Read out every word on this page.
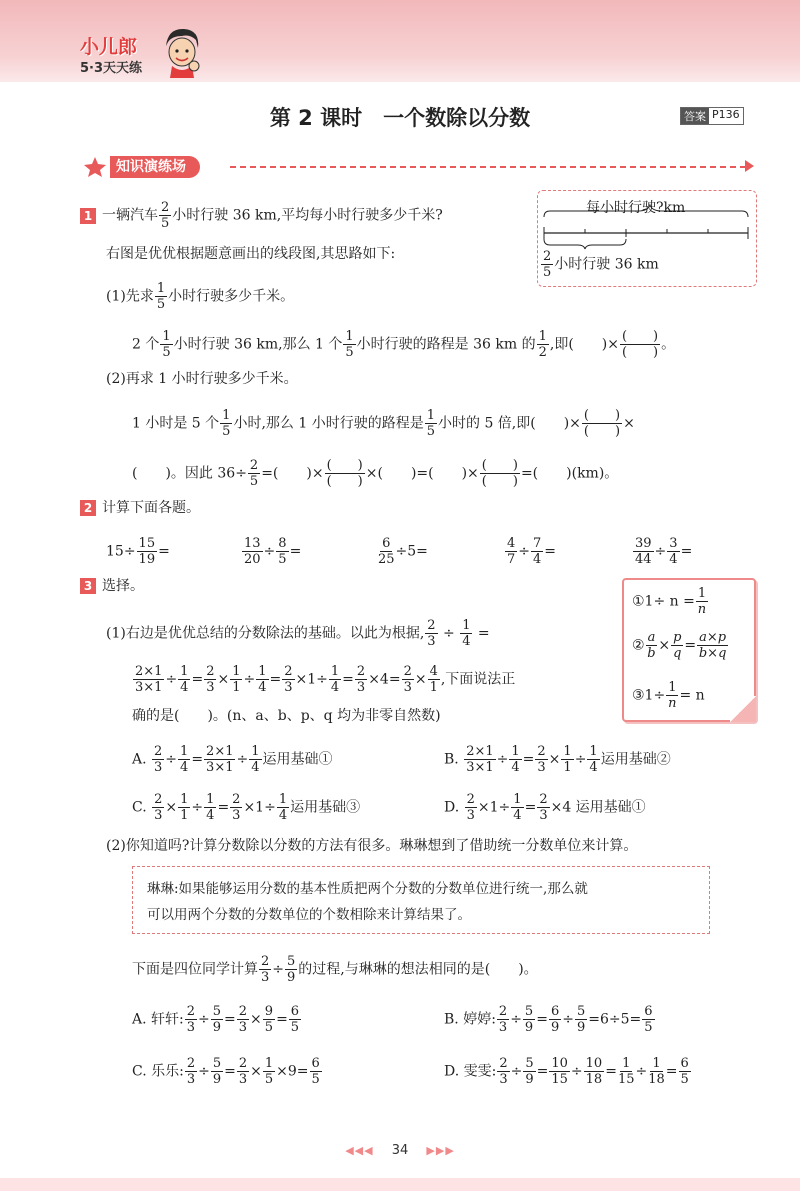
小儿郎
5·3天天练
第 2 课时　一个数除以分数	答案 P136
知识演练场
1 一辆汽车 $\frac{2}{5}$ 小时行驶 36 km,平均每小时行驶多少千米?
右图是优优根据题意画出的线段图,其思路如下:
每小时行驶?km
$\frac{2}{5}$ 小时行驶 36 km
(1)先求 $\frac{1}{5}$ 小时行驶多少千米。
2 个 $\frac{1}{5}$ 小时行驶 36 km,那么 1 个 $\frac{1}{5}$ 小时行驶的路程是 36 km 的 $\frac{1}{2}$ ,即(　　)× (　　)
(　　) 。
(2)再求 1 小时行驶多少千米。
1 小时是 5 个 $\frac{1}{5}$ 小时,那么 1 小时行驶的路程是 $\frac{1}{5}$ 小时的 5 倍,即(　　)× (　　)
(　　) ×
(　　)。因此 $36\div \frac{2}{5}$ =(　　)× (　　)
(　　) ×(　　)=(　　)× (　　)
(　　) =(　　)(km)。
2 计算下面各题。
$15\div \frac{15}{19}$ =	$\frac{13}{20} \div \frac{8}{5}$ =	$\frac{6}{25} \div 5=$	$\frac{4}{7} \div \frac{7}{4}$ =	$\frac{39}{44} \div \frac{3}{4}$ =
3 选择。
①1÷ $n = \frac{1}{n}$
② $\frac{a}{b} \times \frac{p}{q} = \frac{a\times p}{b\times q}$
③1÷ $\frac{1}{n} = n$
(1)右边是优优总结的分数除法的基础。以此为根据, $\frac{2}{3} \div \frac{1}{4}$ =
$\frac{2\times 1}{3\times 1} \div \frac{1}{4} = \frac{2}{3} \times \frac{1}{1} \div \frac{1}{4} = \frac{2}{3} \times 1\div \frac{1}{4} = \frac{2}{3} \times 4= \frac{2}{3} \times \frac{4}{1}$ ,下面说法正
确的是(　　)。(n、a、b、p、q 均为非零自然数)
A. $\frac{2}{3} \div \frac{1}{4} = \frac{2\times 1}{3\times 1} \div \frac{1}{4}$ 运用基础①	B. $\frac{2\times 1}{3\times 1} \div \frac{1}{4} = \frac{2}{3} \times \frac{1}{1} \div \frac{1}{4}$ 运用基础②
C. $\frac{2}{3} \times \frac{1}{1} \div \frac{1}{4} = \frac{2}{3} \times 1\div \frac{1}{4}$ 运用基础③	D. $\frac{2}{3} \times 1\div \frac{1}{4} = \frac{2}{3} \times 4$ 运用基础①
(2)你知道吗?计算分数除以分数的方法有很多。琳琳想到了借助统一分数单位来计算。
琳琳:如果能够运用分数的基本性质把两个分数的分数单位进行统一,那么就
可以用两个分数的分数单位的个数相除来计算结果了。
下面是四位同学计算 $\frac{2}{3} \div \frac{5}{9}$ 的过程,与琳琳的想法相同的是(　　)。
A. 轩轩: $\frac{2}{3} \div \frac{5}{9} = \frac{2}{3} \times \frac{9}{5} = \frac{6}{5}$	B. 婷婷: $\frac{2}{3} \div \frac{5}{9} = \frac{6}{9} \div \frac{5}{9} =6\div 5= \frac{6}{5}$
C. 乐乐: $\frac{2}{3} \div \frac{5}{9} = \frac{2}{3} \times \frac{1}{5} \times 9= \frac{6}{5}$	D. 雯雯: $\frac{2}{3} \div \frac{5}{9} = \frac{10}{15} \div \frac{10}{18} = \frac{1}{15} \div \frac{1}{18} = \frac{6}{5}$
◀◀◀ 34 ▶▶▶
